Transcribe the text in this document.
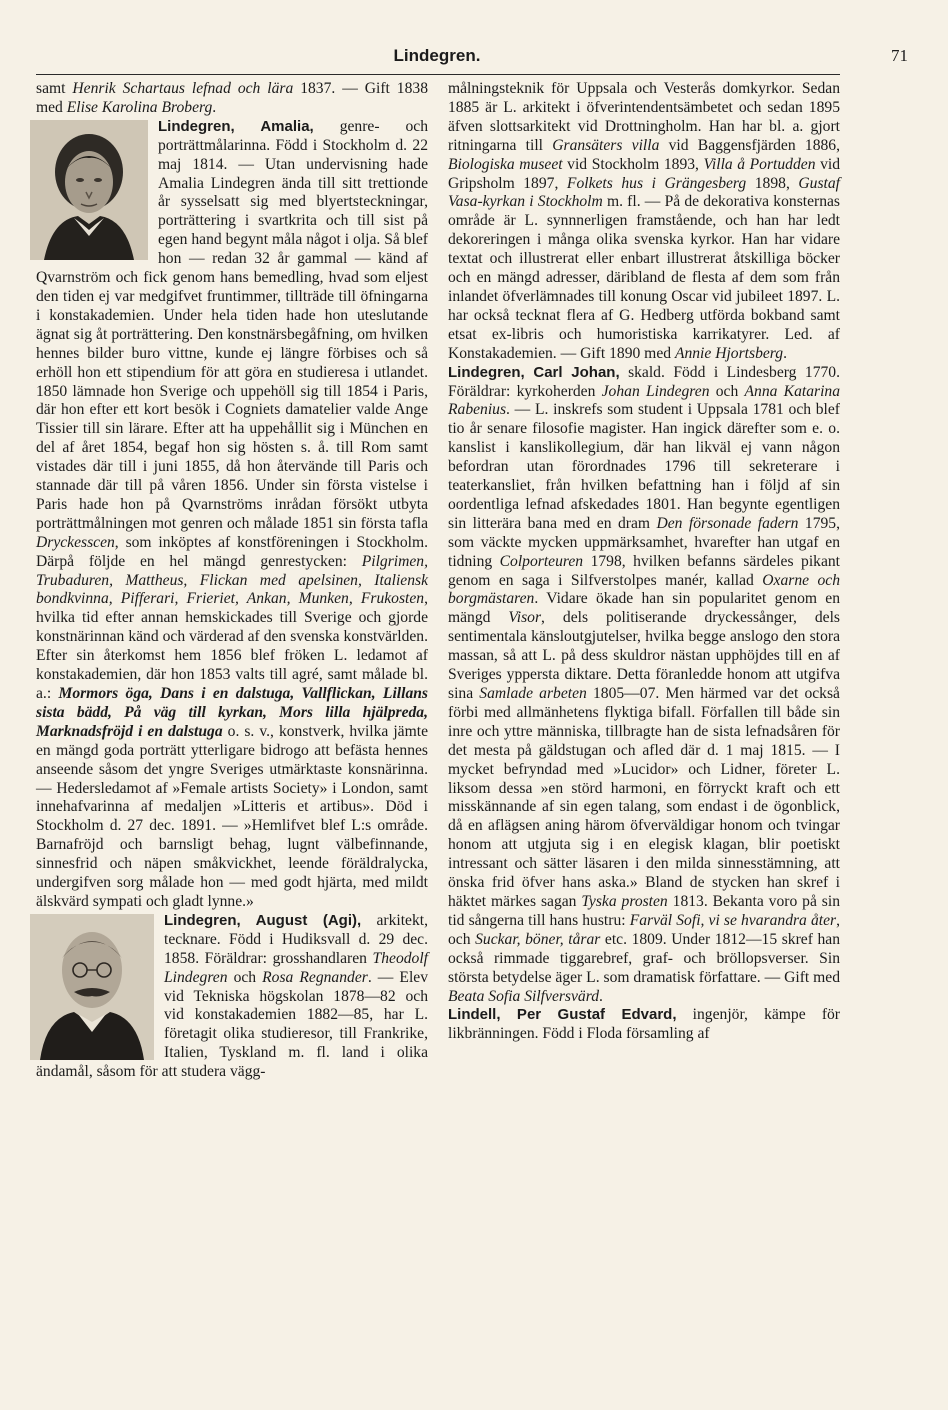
Lindegren.	71

samt Henrik Schartaus lefnad och lära 1837. — Gift 1838 med Elise Karolina Broberg.

Lindegren, Amalia,
genre- och porträttmålarinna. Född i Stockholm d. 22 maj 1814. — Utan undervisning hade Amalia Lindegren ända till sitt trettionde år sysselsatt sig med blyertsteckningar, porträttering i svartkrita och till sist på egen hand begynt måla något i olja. Så blef hon — redan 32 år gammal — känd af Qvarnström och fick genom hans bemedling, hvad som eljest den tiden ej var medgifvet fruntimmer, tillträde till öfningarna i konstakademien. Under hela tiden hade hon uteslutande ägnat sig åt porträttering. Den konstnärsbegåfning, om hvilken hennes bilder buro vittne, kunde ej längre förbises och så erhöll hon ett stipendium för att göra en studieresa i utlandet. 1850 lämnade hon Sverige och uppehöll sig till 1854 i Paris, där hon efter ett kort besök i Cogniets damatelier valde Ange Tissier till sin lärare. Efter att ha uppehållit sig i München en del af året 1854, begaf hon sig hösten s. å. till Rom samt vistades där till i juni 1855, då hon återvände till Paris och stannade där till på våren 1856. Under sin första vistelse i Paris hade hon på Qvarnströms inrådan försökt utbyta porträttmålningen mot genren och målade 1851 sin första tafla Dryckesscen, som inköptes af konstföreningen i Stockholm. Därpå följde en hel mängd genrestycken: Pilgrimen, Trubaduren, Mattheus, Flickan med apelsinen, Italiensk bondkvinna, Pifferari, Frieriet, Ankan, Munken, Frukosten, hvilka tid efter annan hemskickades till Sverige och gjorde konstnärinnan känd och värderad af den svenska konstvärlden. Efter sin återkomst hem 1856 blef fröken L. ledamot af konstakademien, där hon 1853 valts till agré, samt målade bl. a.: Mormors öga, Dans i en dalstuga, Vallflickan, Lillans sista bädd, På väg till kyrkan, Mors lilla hjälpreda, Marknadsfröjd i en dalstuga o. s. v., konstverk, hvilka jämte en mängd goda porträtt ytterligare bidrogo att befästa hennes anseende såsom det yngre Sveriges utmärktaste konsnärinna. — Hedersledamot af »Female artists Society» i London, samt innehafvarinna af medaljen »Litteris et artibus». Död i Stockholm d. 27 dec. 1891. — »Hemlifvet blef L:s område. Barnafröjd och barnsligt behag, lugnt välbefinnande, sinnesfrid och näpen småkvickhet, leende föräldralycka, undergifven sorg målade hon — med godt hjärta, med mildt älskvärd sympati och gladt lynne.»

Lindegren, August (Agi),
arkitekt, tecknare. Född i Hudiksvall d. 29 dec. 1858. Föräldrar: grosshandlaren Theodolf Lindegren och Rosa Regnander. — Elev vid Tekniska högskolan 1878—82 och vid konstakademien 1882—85, har L. företagit olika studieresor, till Frankrike, Italien, Tyskland m. fl. land i olika ändamål, såsom för att studera vägg-

målningsteknik för Uppsala och Vesterås domkyrkor. Sedan 1885 är L. arkitekt i öfverintendentsämbetet och sedan 1895 äfven slottsarkitekt vid Drottningholm. Han har bl. a. gjort ritningarna till Gransäters villa vid Baggensfjärden 1886, Biologiska museet vid Stockholm 1893, Villa å Portudden vid Gripsholm 1897, Folkets hus i Grängesberg 1898, Gustaf Vasa-kyrkan i Stockholm m. fl. — På de dekorativa konsternas område är L. synnnerligen framstående, och han har ledt dekoreringen i många olika svenska kyrkor. Han har vidare textat och illustrerat eller enbart illustrerat åtskilliga böcker och en mängd adresser, däribland de flesta af dem som från inlandet öfverlämnades till konung Oscar vid jubileet 1897. L. har också tecknat flera af G. Hedberg utförda bokband samt etsat ex-libris och humoristiska karrikatyrer. Led. af Konstakademien. — Gift 1890 med Annie Hjortsberg.

Lindegren, Carl Johan, skald. Född i Lindesberg 1770. Föräldrar: kyrkoherden Johan Lindegren och Anna Katarina Rabenius. — L. inskrefs som student i Uppsala 1781 och blef tio år senare filosofie magister. Han ingick därefter som e. o. kanslist i kanslikollegium, där han likväl ej vann någon befordran utan förordnades 1796 till sekreterare i teaterkansliet, från hvilken befattning han i följd af sin oordentliga lefnad afskedades 1801. Han begynte egentligen sin litterära bana med en dram Den försonade fadern 1795, som väckte mycken uppmärksamhet, hvarefter han utgaf en tidning Colporteuren 1798, hvilken befanns särdeles pikant genom en saga i Silfverstolpes manér, kallad Oxarne och borgmästaren. Vidare ökade han sin popularitet genom en mängd Visor, dels politiserande dryckessånger, dels sentimentala känsloutgjutelser, hvilka begge anslogo den stora massan, så att L. på dess skuldror nästan upphöjdes till en af Sveriges yppersta diktare. Detta föranledde honom att utgifva sina Samlade arbeten 1805—07. Men härmed var det också förbi med allmänhetens flyktiga bifall. Förfallen till både sin inre och yttre människa, tillbragte han de sista lefnadsåren för det mesta på gäldstugan och afled där d. 1 maj 1815. — I mycket befryndad med »Lucidor» och Lidner, företer L. liksom dessa »en störd harmoni, en förryckt kraft och ett misskännande af sin egen talang, som endast i de ögonblick, då en aflägsen aning härom öfverväldigar honom och tvingar honom att utgjuta sig i en elegisk klagan, blir poetiskt intressant och sätter läsaren i den milda sinnesstämning, att önska frid öfver hans aska.» Bland de stycken han skref i häktet märkes sagan Tyska prosten 1813. Bekanta voro på sin tid sångerna till hans hustru: Farväl Sofi, vi se hvarandra åter, och Suckar, böner, tårar etc. 1809. Under 1812—15 skref han också rimmade tiggarebref, graf- och bröllopsverser. Sin största betydelse äger L. som dramatisk författare. — Gift med Beata Sofia Silfversvärd.

Lindell, Per Gustaf Edvard, ingenjör, kämpe för likbränningen. Född i Floda församling af
